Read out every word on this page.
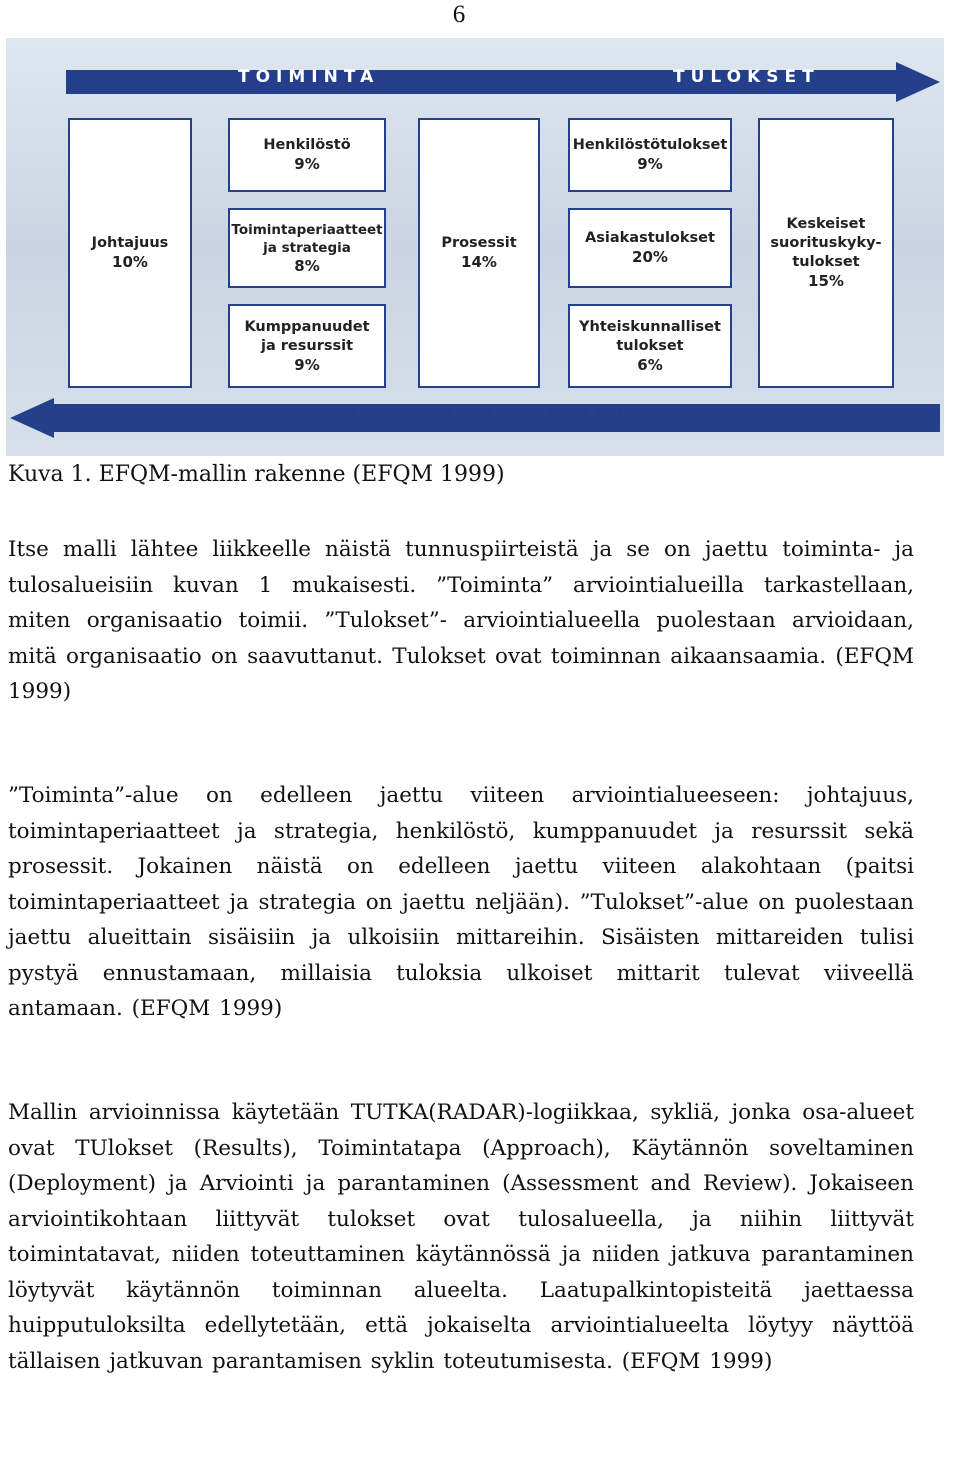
6
TOIMINTA	TULOKSET
INNOVATIIVISUUS JA OPPIMINEN
Johtajuus
10%
Henkilöstö
9%
Toimintaperiaatteet
ja strategia
8%
Kumppanuudet
ja resurssit
9%
Prosessit
14%
Henkilöstötulokset
9%
Asiakastulokset
20%
Yhteiskunnalliset
tulokset
6%
Keskeiset
suorituskyky-
tulokset
15%
Kuva 1. EFQM-mallin rakenne (EFQM 1999)

Itse malli lähtee liikkeelle näistä tunnuspiirteistä ja se on jaettu toiminta- ja tulosalueisiin kuvan 1 mukaisesti. ”Toiminta” arviointialueilla tarkastellaan, miten organisaatio toimii. ”Tulokset”- arviointialueella puolestaan arvioidaan, mitä organisaatio on saavuttanut. Tulokset ovat toiminnan aikaansaamia. (EFQM 1999)

”Toiminta”-alue on edelleen jaettu viiteen arviointialueeseen: johtajuus, toimintaperiaatteet ja strategia, henkilöstö, kumppanuudet ja resurssit sekä prosessit. Jokainen näistä on edelleen jaettu viiteen alakohtaan (paitsi toimintaperiaatteet ja strategia on jaettu neljään). ”Tulokset”-alue on puolestaan jaettu alueittain sisäisiin ja ulkoisiin mittareihin. Sisäisten mittareiden tulisi pystyä ennustamaan, millaisia tuloksia ulkoiset mittarit tulevat viiveellä antamaan. (EFQM 1999)

Mallin arvioinnissa käytetään TUTKA(RADAR)-logiikkaa, sykliä, jonka osa-alueet ovat TUlokset (Results), Toimintatapa (Approach), Käytännön soveltaminen (Deployment) ja Arviointi ja parantaminen (Assessment and Review). Jokaiseen arviointikohtaan liittyvät tulokset ovat tulosalueella, ja niihin liittyvät toimintatavat, niiden toteuttaminen käytännössä ja niiden jatkuva parantaminen löytyvät käytännön toiminnan alueelta. Laatupalkintopisteitä jaettaessa huipputuloksilta edellytetään, että jokaiselta arviointialueelta löytyy näyttöä tällaisen jatkuvan parantamisen syklin toteutumisesta. (EFQM 1999)
